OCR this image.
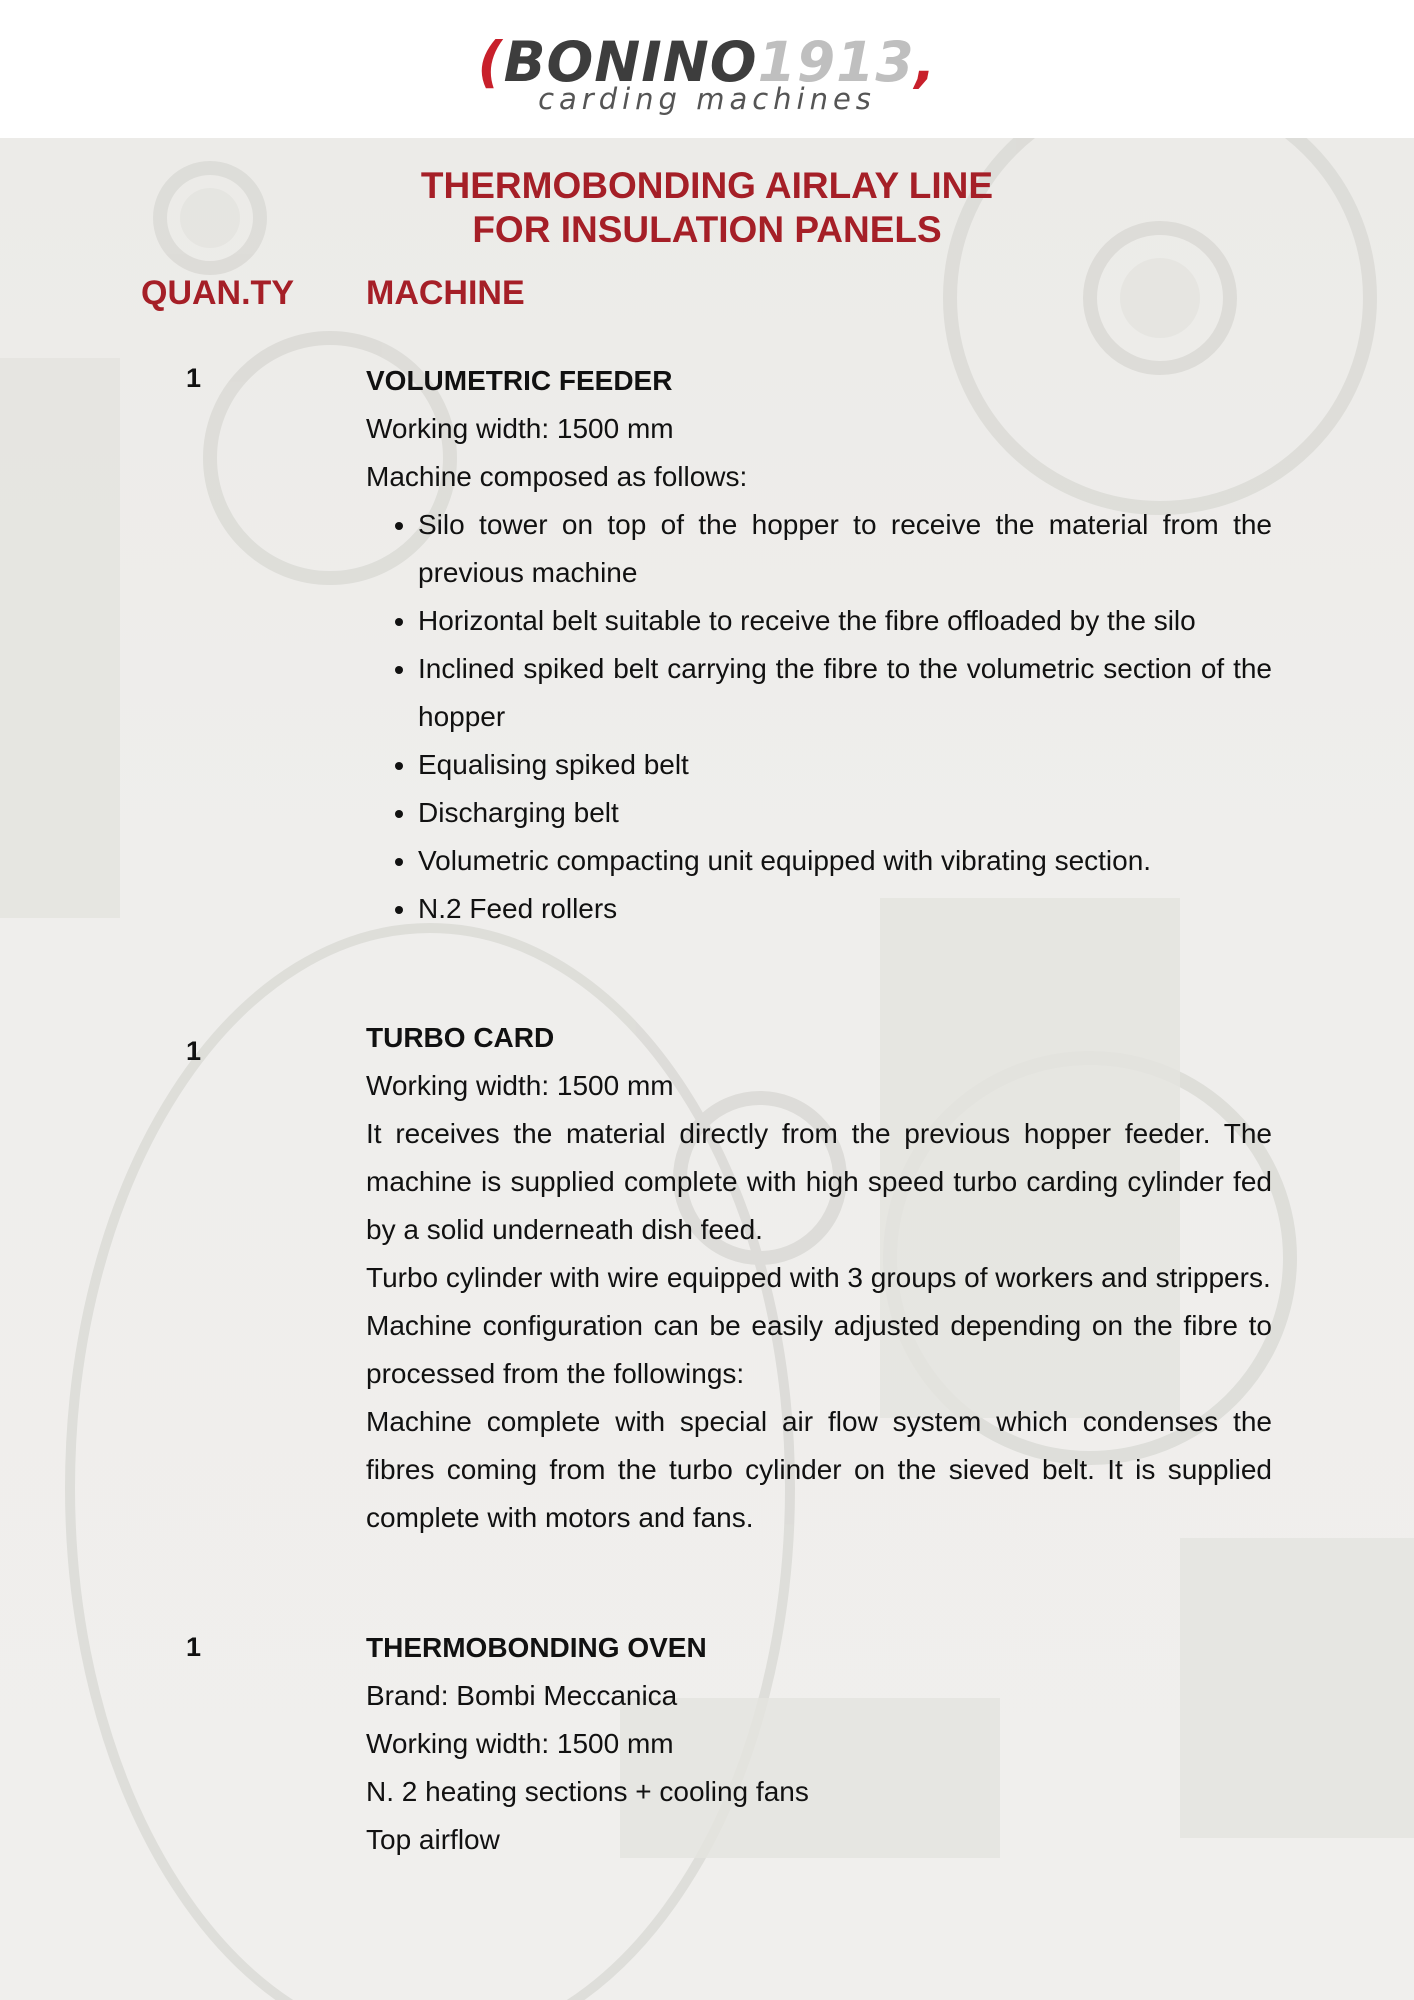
(BONINO1913,
carding machines
THERMOBONDING AIRLAY LINE
FOR INSULATION PANELS
QUAN.TY MACHINE
1	VOLUMETRIC FEEDER

Working width: 1500 mm

Machine composed as follows:

• Silo tower on top of the hopper to receive the material from the previous machine
• Horizontal belt suitable to receive the fibre offloaded by the silo
• Inclined spiked belt carrying the fibre to the volumetric section of the hopper
• Equalising spiked belt
• Discharging belt
• Volumetric compacting unit equipped with vibrating section.
• N.2 Feed rollers
1	TURBO CARD

Working width: 1500 mm

It receives the material directly from the previous hopper feeder. The machine is supplied complete with high speed turbo carding cylinder fed by a solid underneath dish feed.

Turbo cylinder with wire equipped with 3 groups of workers and strippers.

Machine configuration can be easily adjusted depending on the fibre to processed from the followings:

Machine complete with special air flow system which condenses the fibres coming from the turbo cylinder on the sieved belt. It is supplied complete with motors and fans.

1	THERMOBONDING OVEN

Brand: Bombi Meccanica

Working width: 1500 mm

N. 2 heating sections + cooling fans

Top airflow
